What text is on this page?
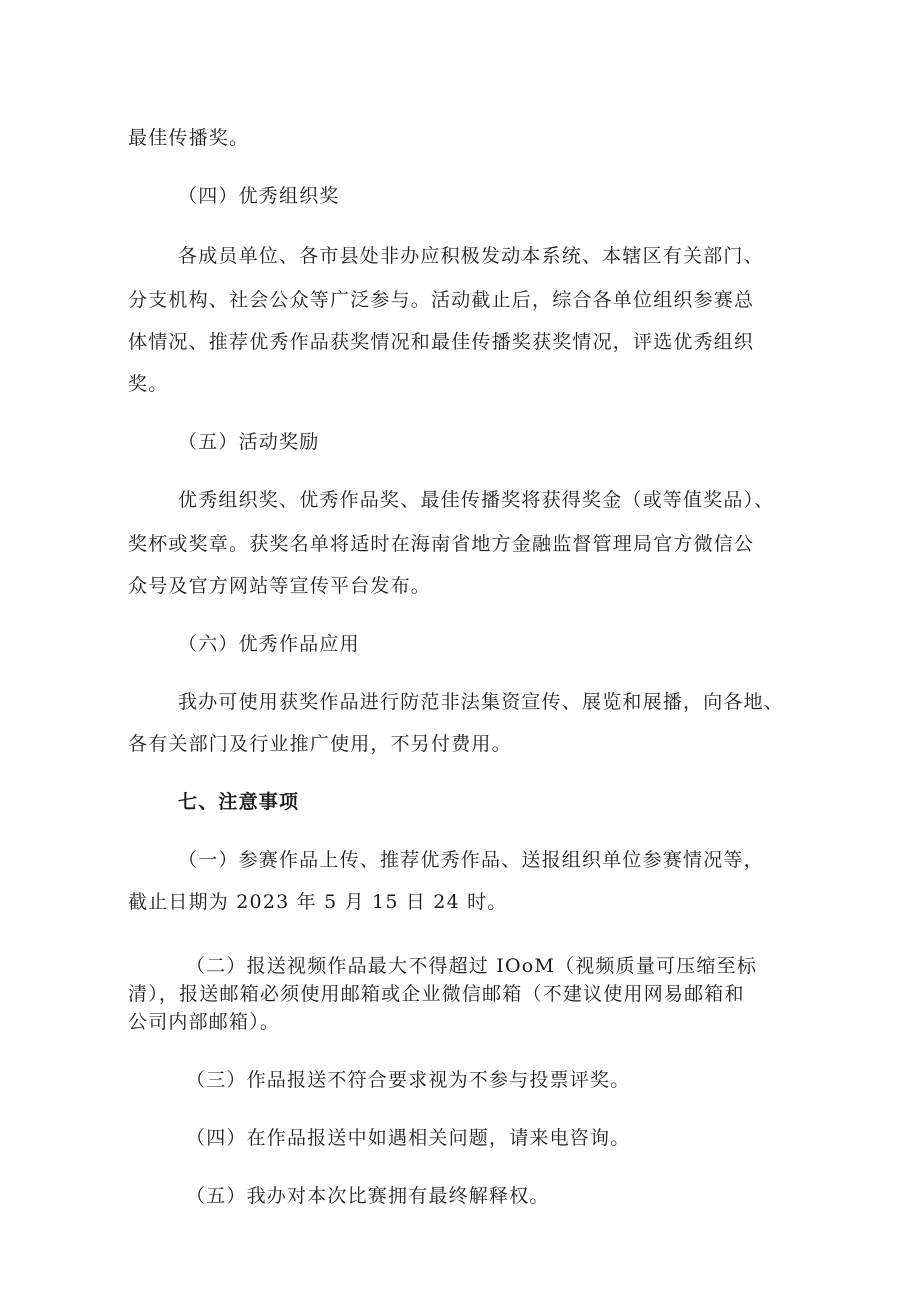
最佳传播奖。
（四）优秀组织奖
各成员单位、各市县处非办应积极发动本系统、本辖区有关部门、
分支机构、社会公众等广泛参与。活动截止后，综合各单位组织参赛总
体情况、推荐优秀作品获奖情况和最佳传播奖获奖情况，评选优秀组织
奖。
（五）活动奖励
优秀组织奖、优秀作品奖、最佳传播奖将获得奖金（或等值奖品）、
奖杯或奖章。获奖名单将适时在海南省地方金融监督管理局官方微信公
众号及官方网站等宣传平台发布。
（六）优秀作品应用
我办可使用获奖作品进行防范非法集资宣传、展览和展播，向各地、
各有关部门及行业推广使用，不另付费用。
七、注意事项
（一）参赛作品上传、推荐优秀作品、送报组织单位参赛情况等，
截止日期为 2023 年 5 月 15 日 24 时。
（二）报送视频作品最大不得超过 IOoM（视频质量可压缩至标
清），报送邮箱必须使用邮箱或企业微信邮箱（不建议使用网易邮箱和
公司内部邮箱）。
（三）作品报送不符合要求视为不参与投票评奖。
（四）在作品报送中如遇相关问题，请来电咨询。
（五）我办对本次比赛拥有最终解释权。
